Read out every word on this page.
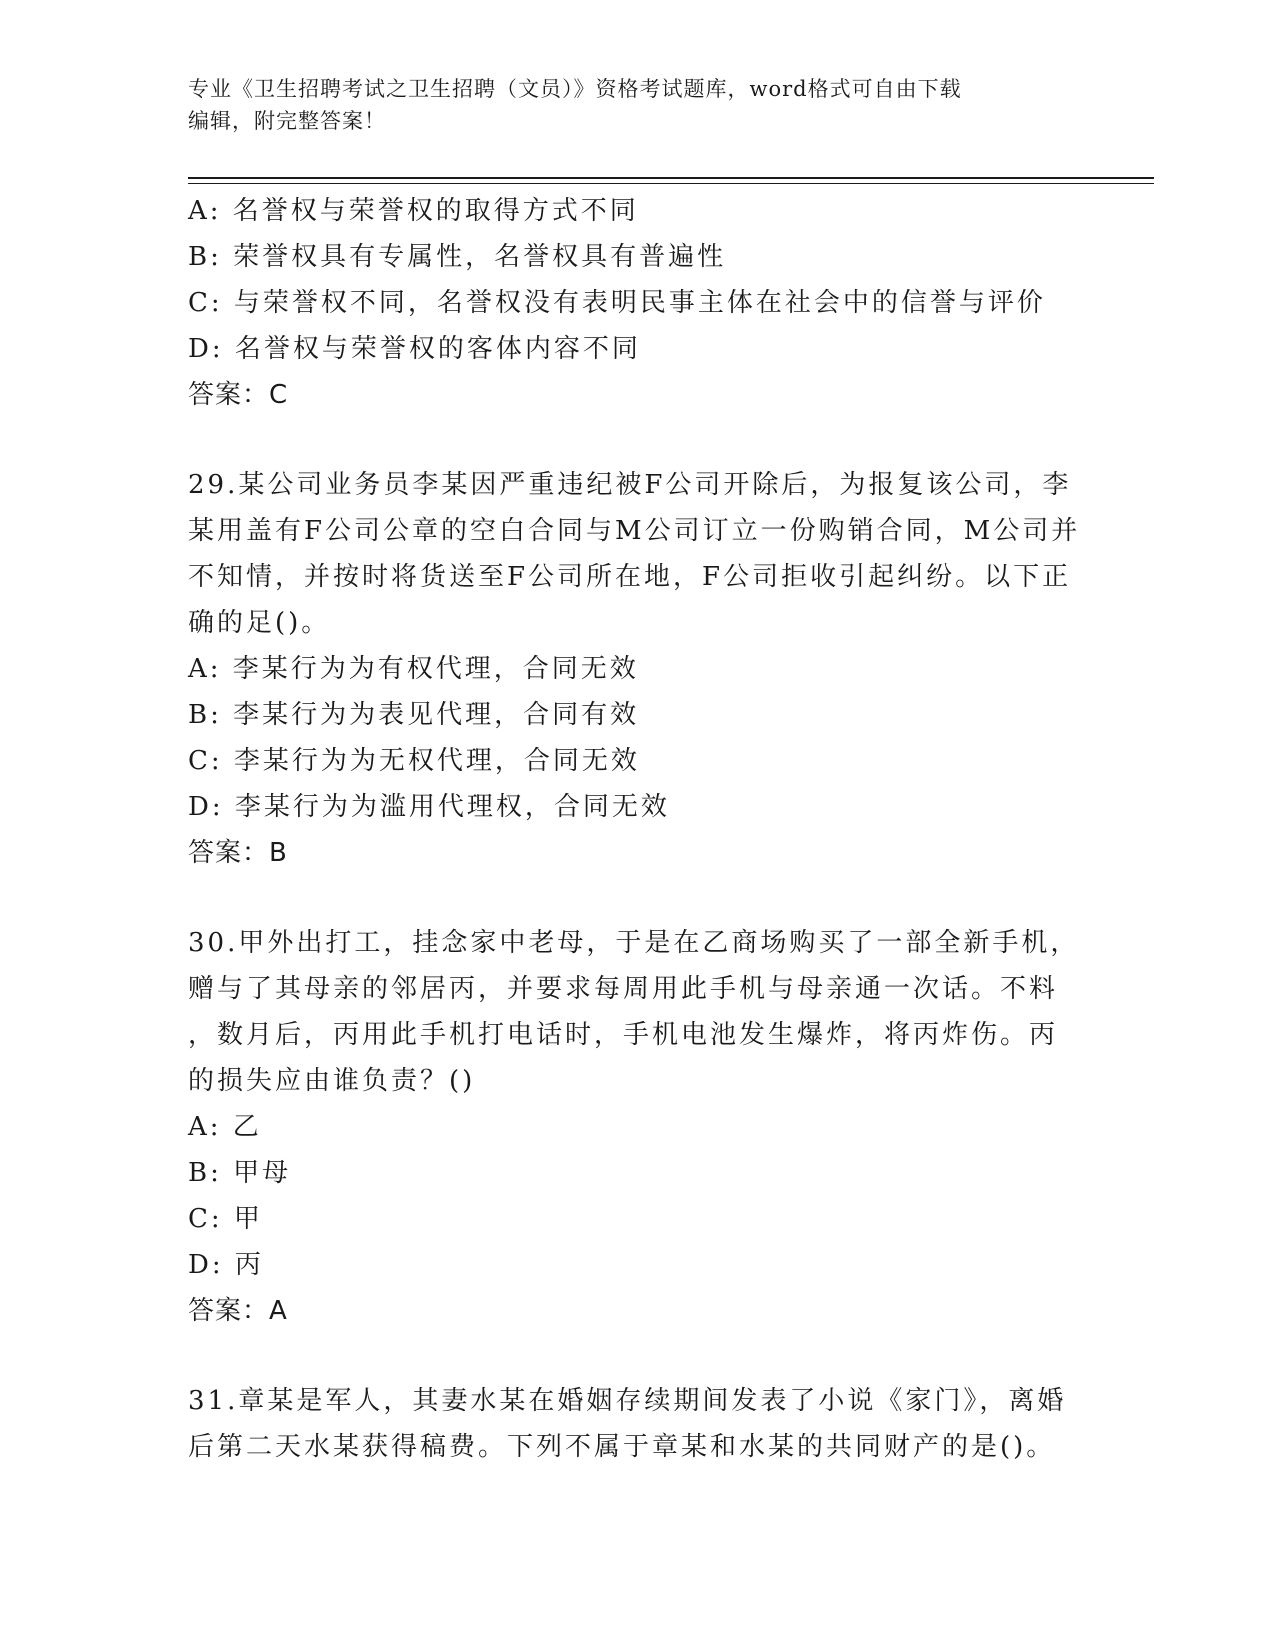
专业《卫生招聘考试之卫生招聘（文员）》资格考试题库，word格式可自由下载
编辑，附完整答案！
A: 名誉权与荣誉权的取得方式不同
B: 荣誉权具有专属性，名誉权具有普遍性
C: 与荣誉权不同，名誉权没有表明民事主体在社会中的信誉与评价
D: 名誉权与荣誉权的客体内容不同
答案：C
29.某公司业务员李某因严重违纪被F公司开除后，为报复该公司，李
某用盖有F公司公章的空白合同与M公司订立一份购销合同，M公司并
不知情，并按时将货送至F公司所在地，F公司拒收引起纠纷。以下正
确的足()。
A: 李某行为为有权代理，合同无效
B: 李某行为为表见代理，合同有效
C: 李某行为为无权代理，合同无效
D: 李某行为为滥用代理权，合同无效
答案：B
30.甲外出打工，挂念家中老母，于是在乙商场购买了一部全新手机，
赠与了其母亲的邻居丙，并要求每周用此手机与母亲通一次话。不料
，数月后，丙用此手机打电话时，手机电池发生爆炸，将丙炸伤。丙
的损失应由谁负责？()
A: 乙
B: 甲母
C: 甲
D: 丙
答案：A
31.章某是军人，其妻水某在婚姻存续期间发表了小说《家门》，离婚
后第二天水某获得稿费。下列不属于章某和水某的共同财产的是()。
